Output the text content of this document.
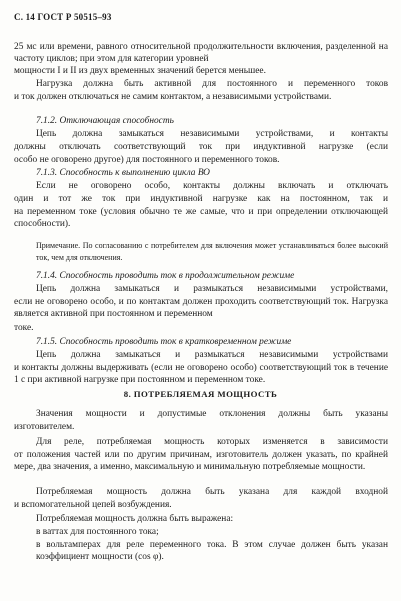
С. 14 ГОСТ Р 50515–93
25 мс или времени, равного относительной продолжительности включения, разделенной на частоту циклов; при этом для категории уровней
мощности I и II из двух временных значений берется меньшее.
Нагрузка должна быть активной для постоянного и переменного токов
и ток должен отключаться не самим контактом, а независимыми устройствами.
7.1.2. Отключающая способность
Цепь должна замыкаться независимыми устройствами, и контакты
должны отключать соответствующий ток при индуктивной нагрузке (если
особо не оговорено другое) для постоянного и переменного токов.
7.1.3. Способность к выполнению цикла ВО
Если не оговорено особо, контакты должны включать и отключать
один и тот же ток при индуктивной нагрузке как на постоянном, так и
на переменном токе (условия обычно те же самые, что и при определении отключающей способности).
Примечание. По согласованию с потребителем для включения может устанавливаться более высокий ток, чем для отключения.
7.1.4. Способность проводить ток в продолжительном режиме
Цепь должна замыкаться и размыкаться независимыми устройствами,
если не оговорено особо, и по контактам должен проходить соответствующий ток. Нагрузка является активной при постоянном и переменном
токе.
7.1.5. Способность проводить ток в кратковременном режиме
Цепь должна замыкаться и размыкаться независимыми устройствами
и контакты должны выдерживать (если не оговорено особо) соответствующий ток в течение 1 с при активной нагрузке при постоянном и переменном токе.
8. ПОТРЕБЛЯЕМАЯ МОЩНОСТЬ
Значения мощности и допустимые отклонения должны быть указаны
изготовителем.
Для реле, потребляемая мощность которых изменяется в зависимости
от положения частей или по другим причинам, изготовитель должен указать, по крайней мере, два значения, а именно, максимальную и минимальную потребляемые мощности.
Потребляемая мощность должна быть указана для каждой входной
и вспомогательной цепей возбуждения.
Потребляемая мощность должна быть выражена:
в ваттах для постоянного тока;
в вольтамперах для реле переменного тока. В этом случае должен быть указан коэффициент мощности (cos φ).
